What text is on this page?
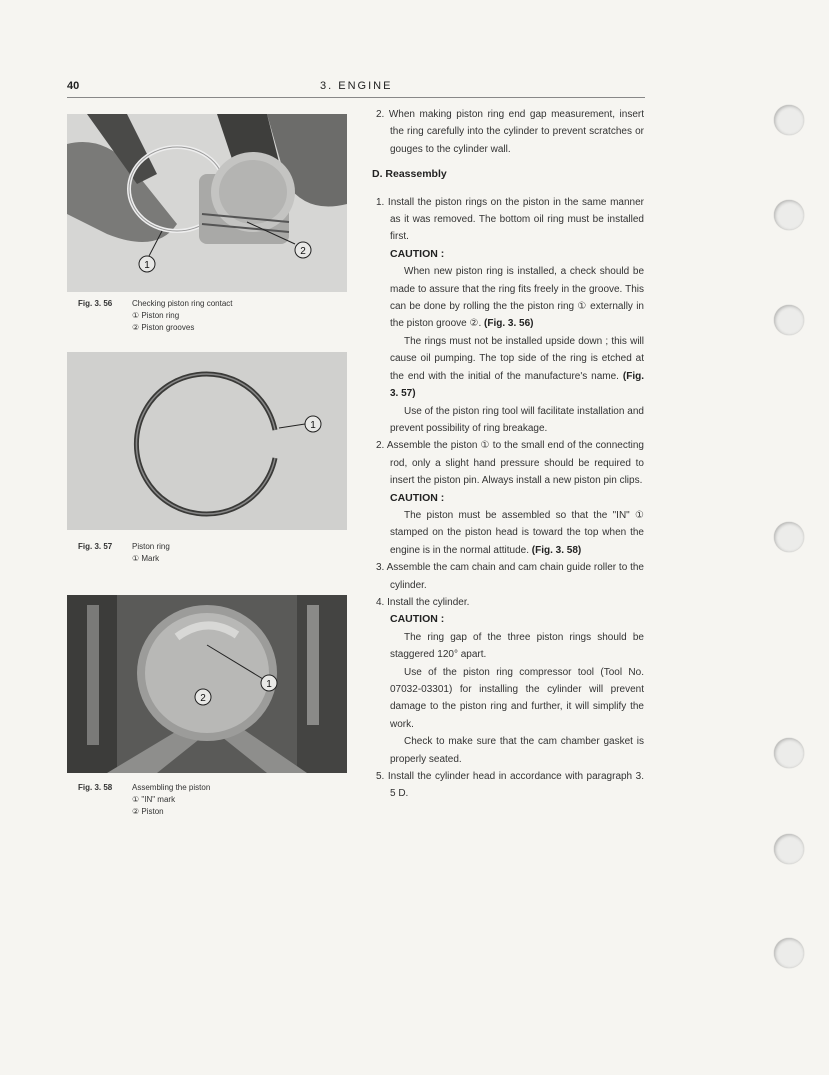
40	3. ENGINE
1
2
Fig. 3. 56 Checking piston ring contact
① Piston ring
② Piston grooves
1
Fig. 3. 57 Piston ring
① Mark
1
2
Fig. 3. 58 Assembling the piston
① "IN" mark
② Piston

2. When making piston ring end gap measurement, insert the ring carefully into the cylinder to prevent scratches or gouges to the cylinder wall.

D. Reassembly

1. Install the piston rings on the piston in the same manner as it was removed. The bottom oil ring must be installed first.

CAUTION :

When new piston ring is installed, a check should be made to assure that the ring fits freely in the groove. This can be done by rolling the the piston ring ① externally in the piston groove ②. (Fig. 3. 56)

The rings must not be installed upside down ; this will cause oil pumping. The top side of the ring is etched at the end with the initial of the manufacture's name. (Fig. 3. 57)

Use of the piston ring tool will facilitate installation and prevent possibility of ring breakage.

2. Assemble the piston ① to the small end of the connecting rod, only a slight hand pressure should be required to insert the piston pin. Always install a new piston pin clips.

CAUTION :

The piston must be assembled so that the "IN" ① stamped on the piston head is toward the top when the engine is in the normal attitude. (Fig. 3. 58)

3. Assemble the cam chain and cam chain guide roller to the cylinder.

4. Install the cylinder.

CAUTION :

The ring gap of the three piston rings should be staggered 120° apart.

Use of the piston ring compressor tool (Tool No. 07032-03301) for installing the cylinder will prevent damage to the piston ring and further, it will simplify the work.

Check to make sure that the cam chamber gasket is properly seated.

5. Install the cylinder head in accordance with paragraph 3. 5 D.
